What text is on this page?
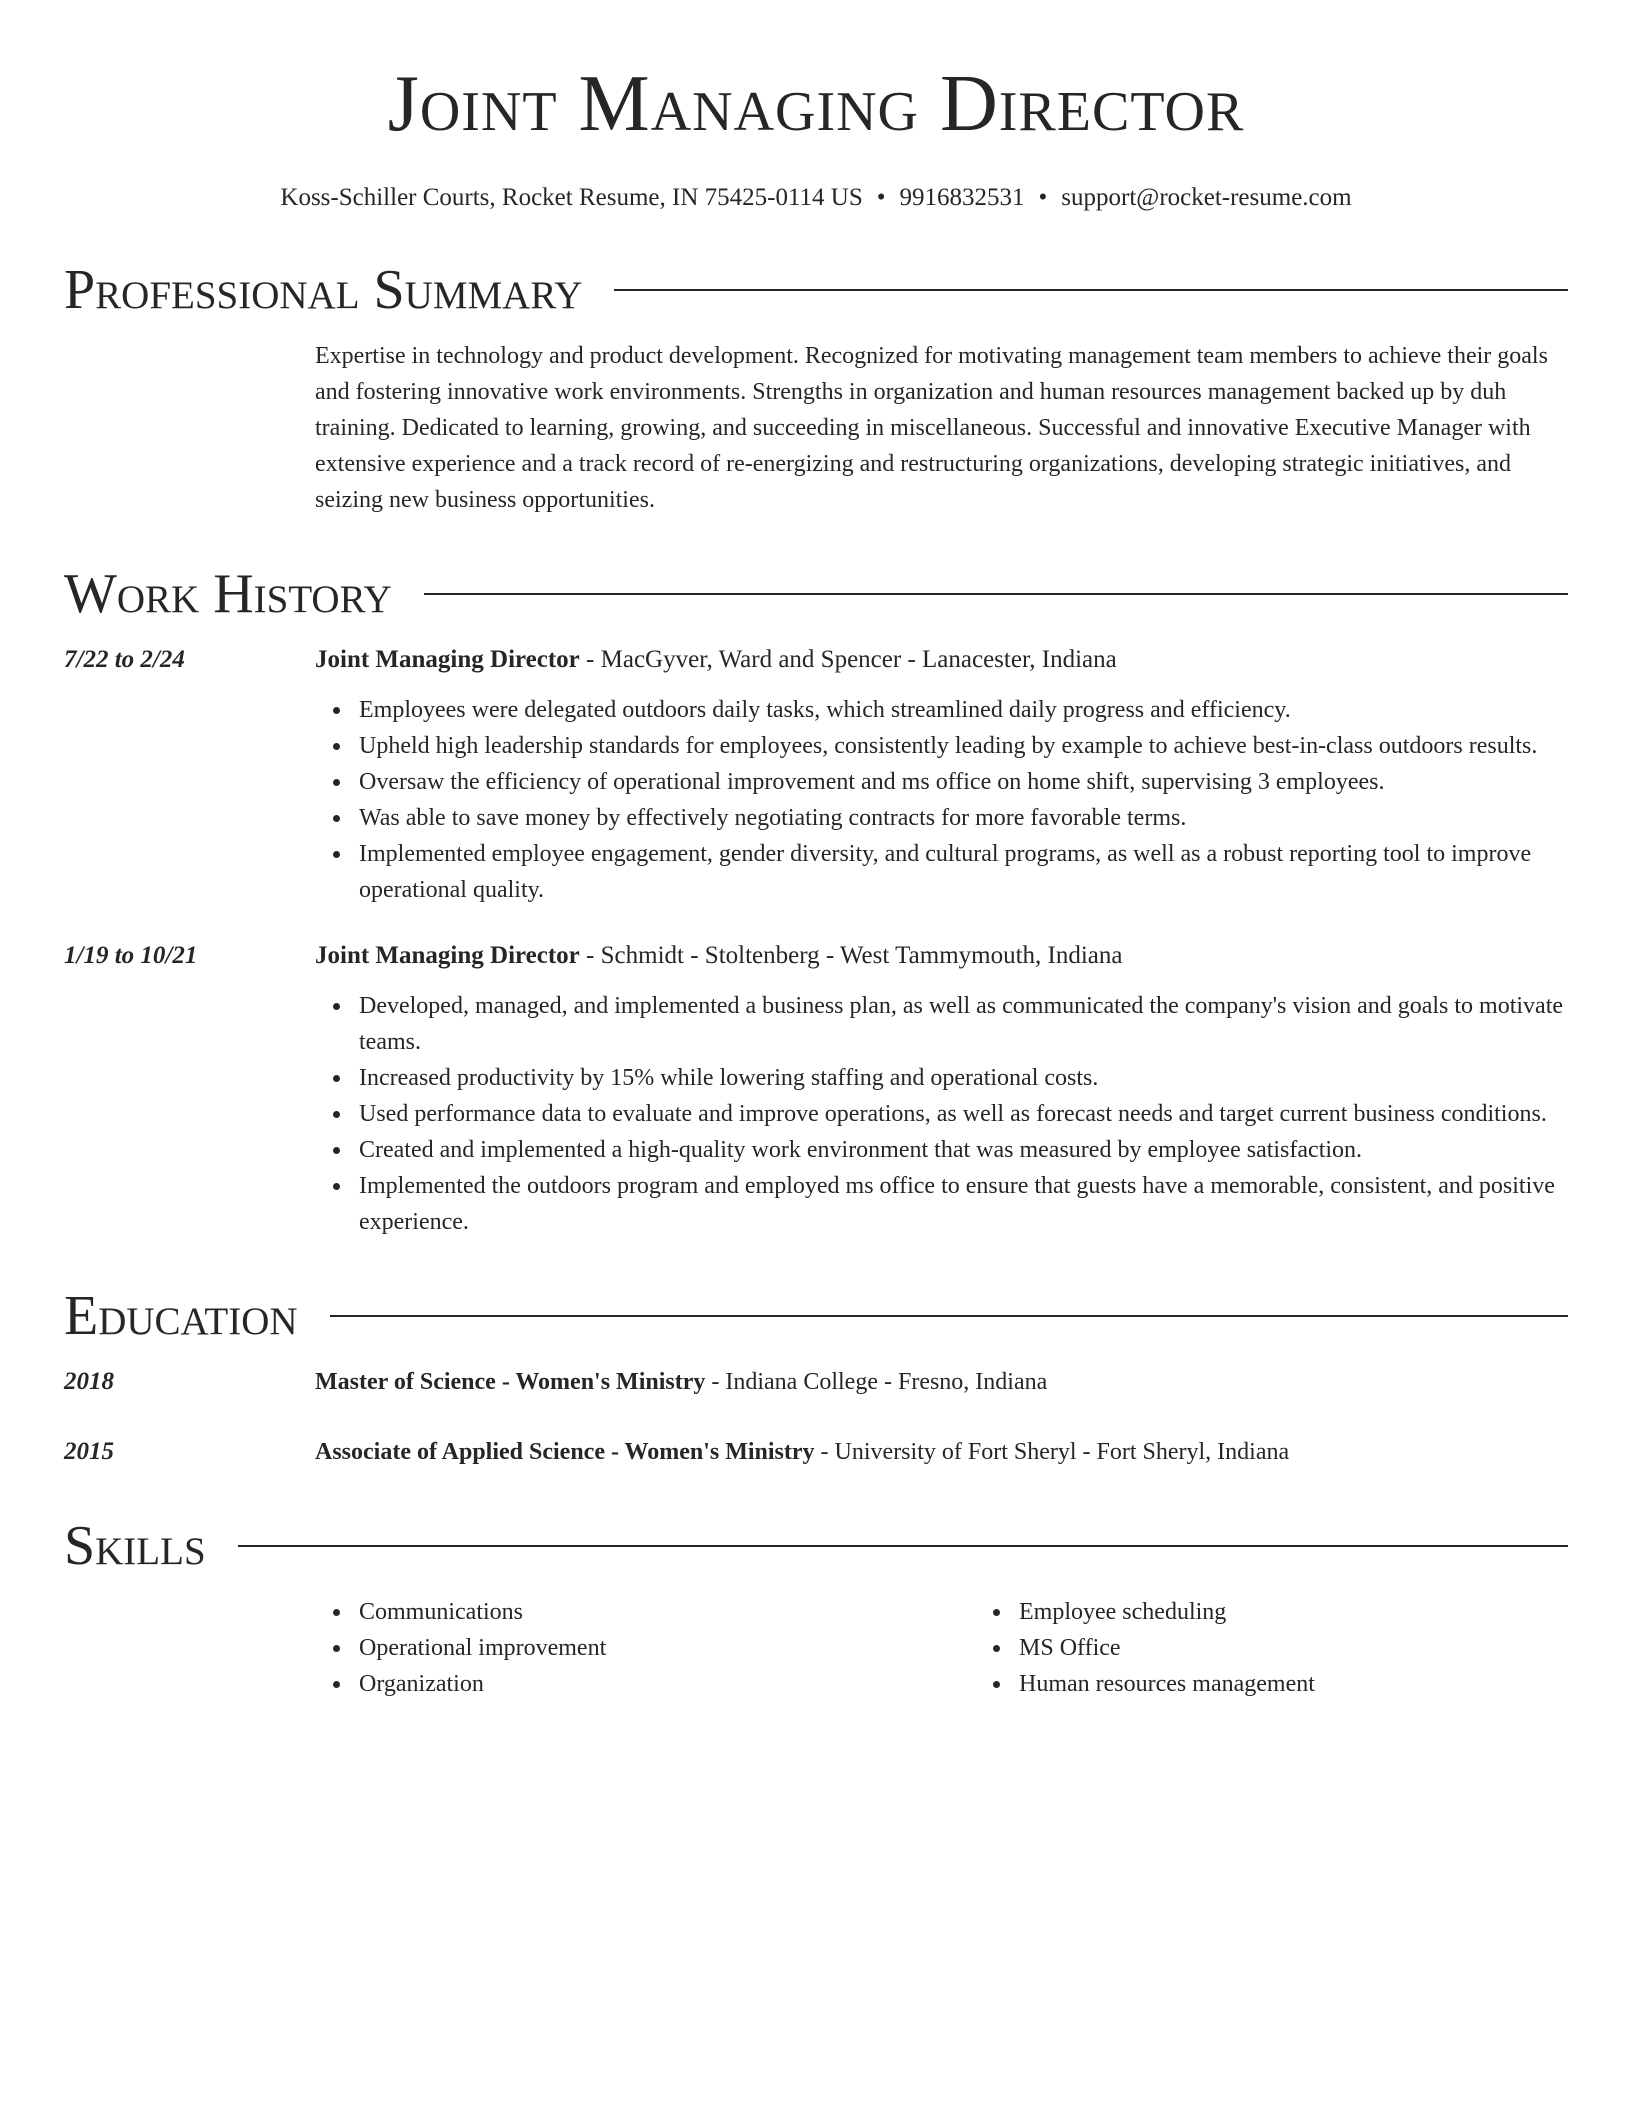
Joint Managing Director
Koss-Schiller Courts, Rocket Resume, IN 75425-0114 US • 9916832531 • support@rocket-resume.com
Professional Summary
Expertise in technology and product development. Recognized for motivating management team members to achieve their goals and fostering innovative work environments. Strengths in organization and human resources management backed up by duh training. Dedicated to learning, growing, and succeeding in miscellaneous. Successful and innovative Executive Manager with extensive experience and a track record of re-energizing and restructuring organizations, developing strategic initiatives, and seizing new business opportunities.
Work History
7/22 to 2/24	Joint Managing Director - MacGyver, Ward and Spencer - Lanacester, Indiana
Employees were delegated outdoors daily tasks, which streamlined daily progress and efficiency.
Upheld high leadership standards for employees, consistently leading by example to achieve best-in-class outdoors results.
Oversaw the efficiency of operational improvement and ms office on home shift, supervising 3 employees.
Was able to save money by effectively negotiating contracts for more favorable terms.
Implemented employee engagement, gender diversity, and cultural programs, as well as a robust reporting tool to improve operational quality.
1/19 to 10/21	Joint Managing Director - Schmidt - Stoltenberg - West Tammymouth, Indiana
Developed, managed, and implemented a business plan, as well as communicated the company's vision and goals to motivate teams.
Increased productivity by 15% while lowering staffing and operational costs.
Used performance data to evaluate and improve operations, as well as forecast needs and target current business conditions.
Created and implemented a high-quality work environment that was measured by employee satisfaction.
Implemented the outdoors program and employed ms office to ensure that guests have a memorable, consistent, and positive experience.
Education
2018	Master of Science - Women's Ministry - Indiana College - Fresno, Indiana
2015	Associate of Applied Science - Women's Ministry - University of Fort Sheryl - Fort Sheryl, Indiana
Skills
Communications
Operational improvement
Organization
Employee scheduling
MS Office
Human resources management
